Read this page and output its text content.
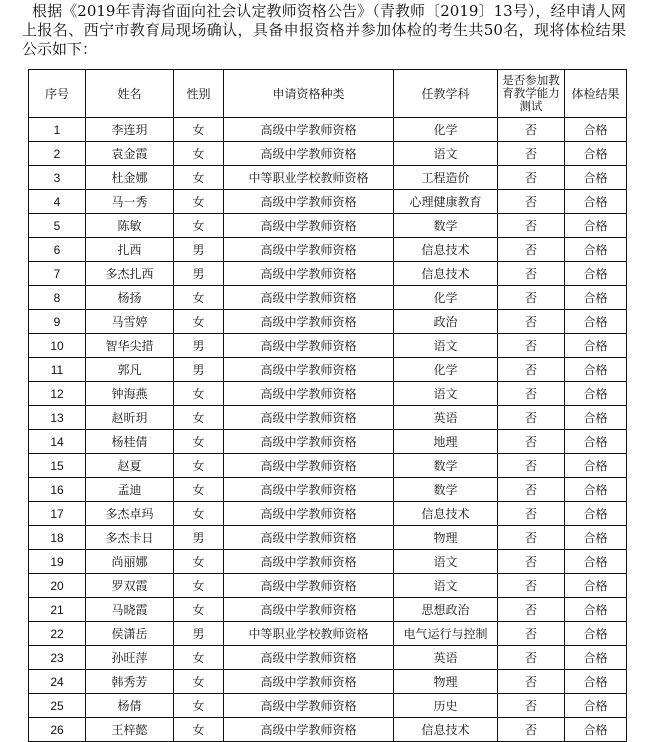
根据《2019年青海省面向社会认定教师资格公告》（青教师〔2019〕13号），经申请人网上报名、西宁市教育局现场确认，具备申报资格并参加体检的考生共50名，现将体检结果公示如下：

序号	姓名	性别	申请资格种类	任教学科	是否参加教育教学能力测试	体检结果
1	李连玥	女	高级中学教师资格	化学	否	合格
2	袁金霞	女	高级中学教师资格	语文	否	合格
3	杜金娜	女	中等职业学校教师资格	工程造价	否	合格
4	马一秀	女	高级中学教师资格	心理健康教育	否	合格
5	陈敏	女	高级中学教师资格	数学	否	合格
6	扎西	男	高级中学教师资格	信息技术	否	合格
7	多杰扎西	男	高级中学教师资格	信息技术	否	合格
8	杨扬	女	高级中学教师资格	化学	否	合格
9	马雪婷	女	高级中学教师资格	政治	否	合格
10	智华尖措	男	高级中学教师资格	语文	否	合格
11	郭凡	男	高级中学教师资格	化学	否	合格
12	钟海燕	女	高级中学教师资格	语文	否	合格
13	赵昕玥	女	高级中学教师资格	英语	否	合格
14	杨桂倩	女	高级中学教师资格	地理	否	合格
15	赵夏	女	高级中学教师资格	数学	否	合格
16	孟迪	女	高级中学教师资格	数学	否	合格
17	多杰卓玛	女	高级中学教师资格	信息技术	否	合格
18	多杰卡日	男	高级中学教师资格	物理	否	合格
19	尚丽娜	女	高级中学教师资格	语文	否	合格
20	罗双霞	女	高级中学教师资格	语文	否	合格
21	马晓霞	女	高级中学教师资格	思想政治	否	合格
22	侯潇岳	男	中等职业学校教师资格	电气运行与控制	否	合格
23	孙旺萍	女	高级中学教师资格	英语	否	合格
24	韩秀芳	女	高级中学教师资格	物理	否	合格
25	杨倩	女	高级中学教师资格	历史	否	合格
26	王梓懿	女	高级中学教师资格	信息技术	否	合格
